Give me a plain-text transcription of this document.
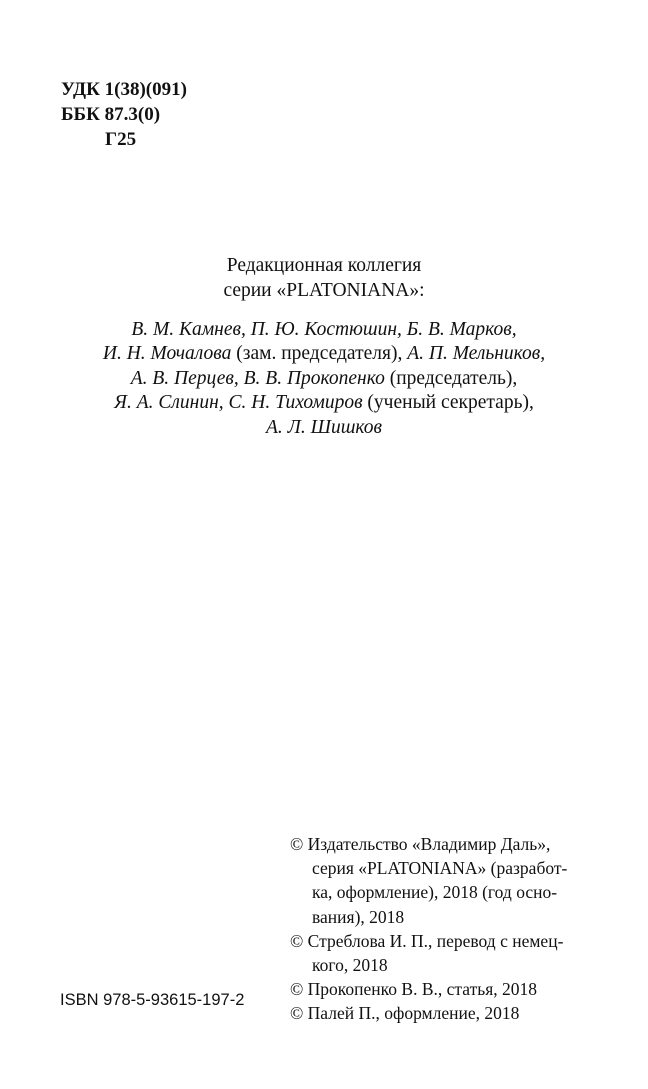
УДК 1(38)(091)
ББК 87.3(0)
Г25
Редакционная коллегия
серии «PLATONIANA»:
В. М. Камнев, П. Ю. Костюшин, Б. В. Марков,
И. Н. Мочалова (зам. председателя), А. П. Мельников,
А. В. Перцев, В. В. Прокопенко (председатель),
Я. А. Слинин, С. Н. Тихомиров (ученый секретарь),
А. Л. Шишков
© Издательство «Владимир Даль»,
серия «PLATONIANA» (разработ-
ка, оформление), 2018 (год осно-
вания), 2018
© Стреблова И. П., перевод с немец-
кого, 2018
© Прокопенко В. В., статья, 2018
© Палей П., оформление, 2018
ISBN 978-5-93615-197-2
